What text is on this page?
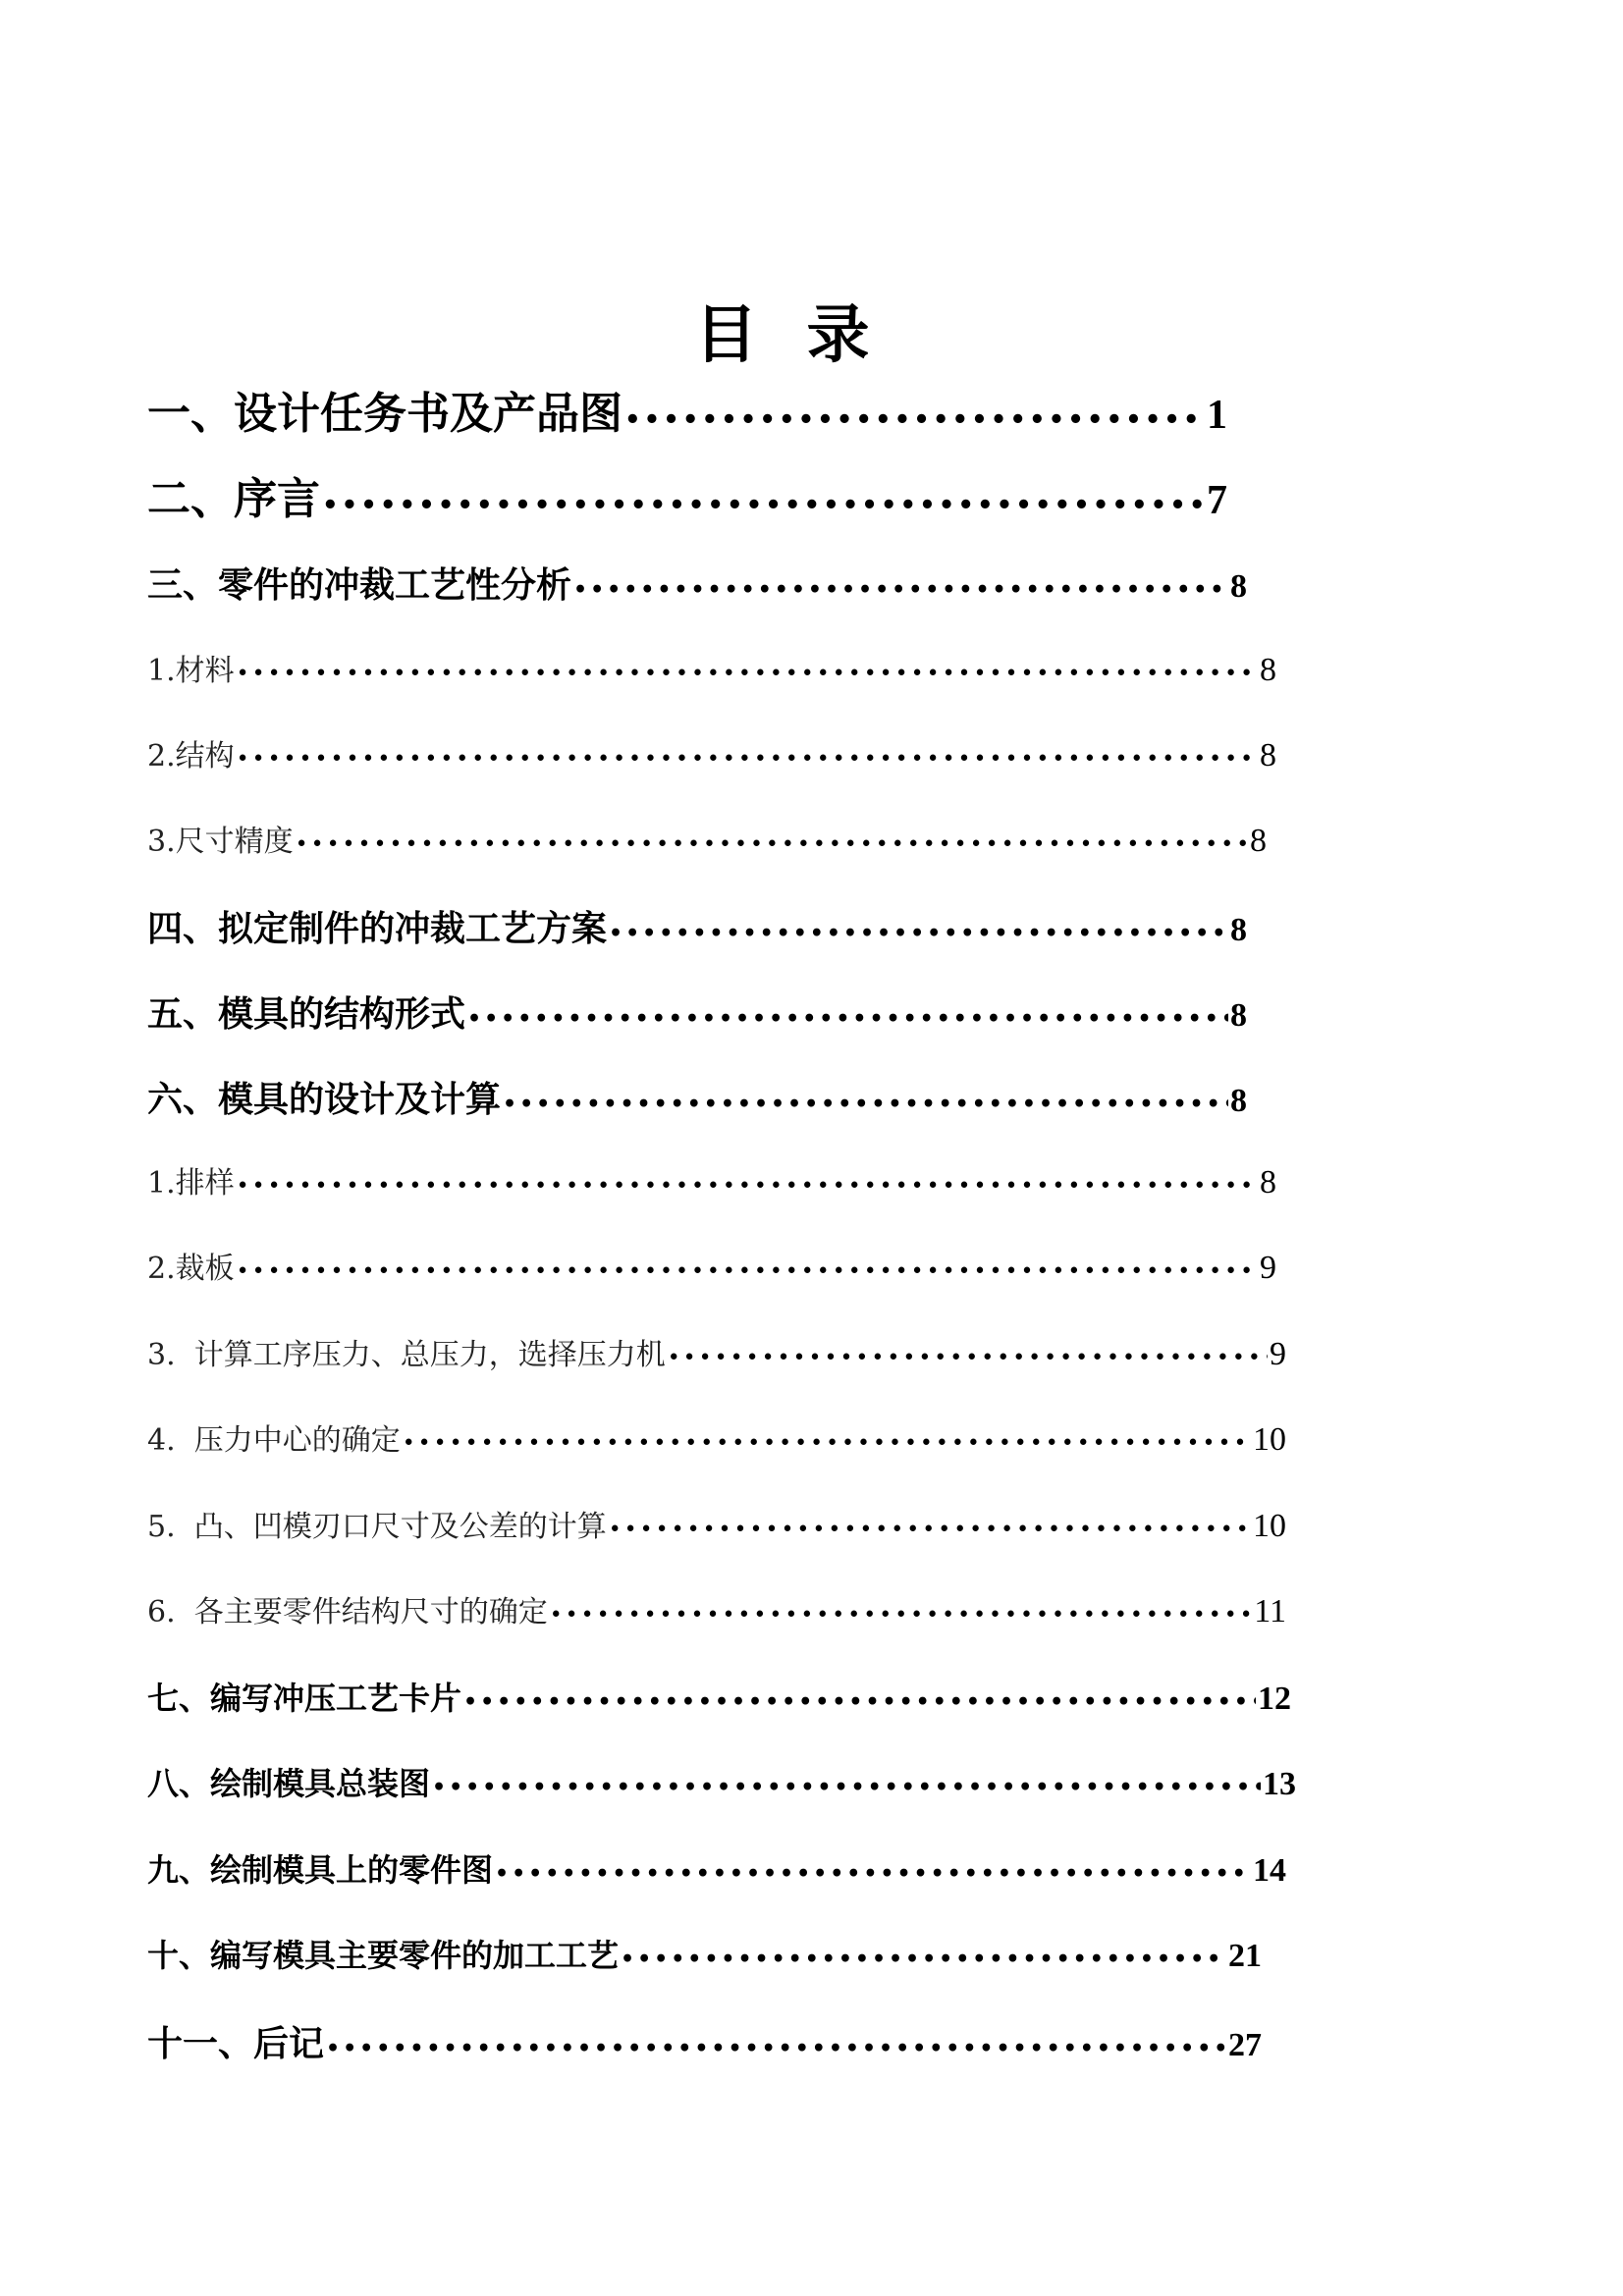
目 录
一、设计任务书及产品图 •••••	1
二、序言 •••••	7
三、零件的冲裁工艺性分析 •••••	8
1.材料 •••••	8
2.结构 •••••	8
3.尺寸精度 •••••	8
四、拟定制件的冲裁工艺方案 •••••	8
五、模具的结构形式 •••••	8
六、模具的设计及计算 •••••	8
1.排样 •••••	8
2.裁板 •••••	9
3.  计算工序压力、总压力，选择压力机 •••••	9
4.  压力中心的确定 •••••	10
5.  凸、凹模刃口尺寸及公差的计算 •••••	10
6.  各主要零件结构尺寸的确定 •••••	11
七、编写冲压工艺卡片 •••••	12
八、绘制模具总装图 •••••	13
九、绘制模具上的零件图 •••••	14
十、编写模具主要零件的加工工艺 •••••	21
十一、后记 •••••	27
